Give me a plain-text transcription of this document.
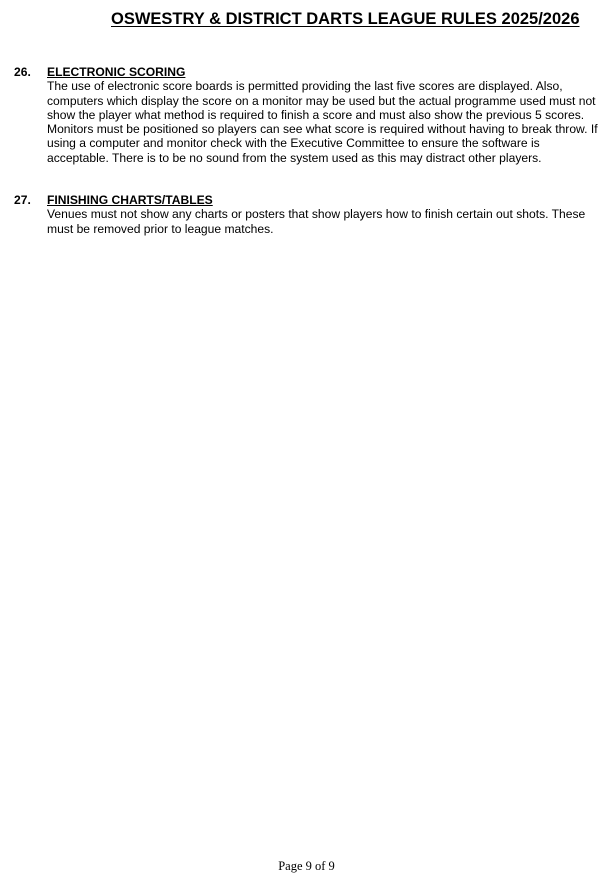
OSWESTRY & DISTRICT DARTS LEAGUE RULES 2025/2026
26. ELECTRONIC SCORING
The use of electronic score boards is permitted providing the last five scores are displayed. Also, computers which display the score on a monitor may be used but the actual programme used must not show the player what method is required to finish a score and must also show the previous 5 scores. Monitors must be positioned so players can see what score is required without having to break throw. If using a computer and monitor check with the Executive Committee to ensure the software is acceptable. There is to be no sound from the system used as this may distract other players.
27. FINISHING CHARTS/TABLES
Venues must not show any charts or posters that show players how to finish certain out shots. These must be removed prior to league matches.
Page 9 of 9
